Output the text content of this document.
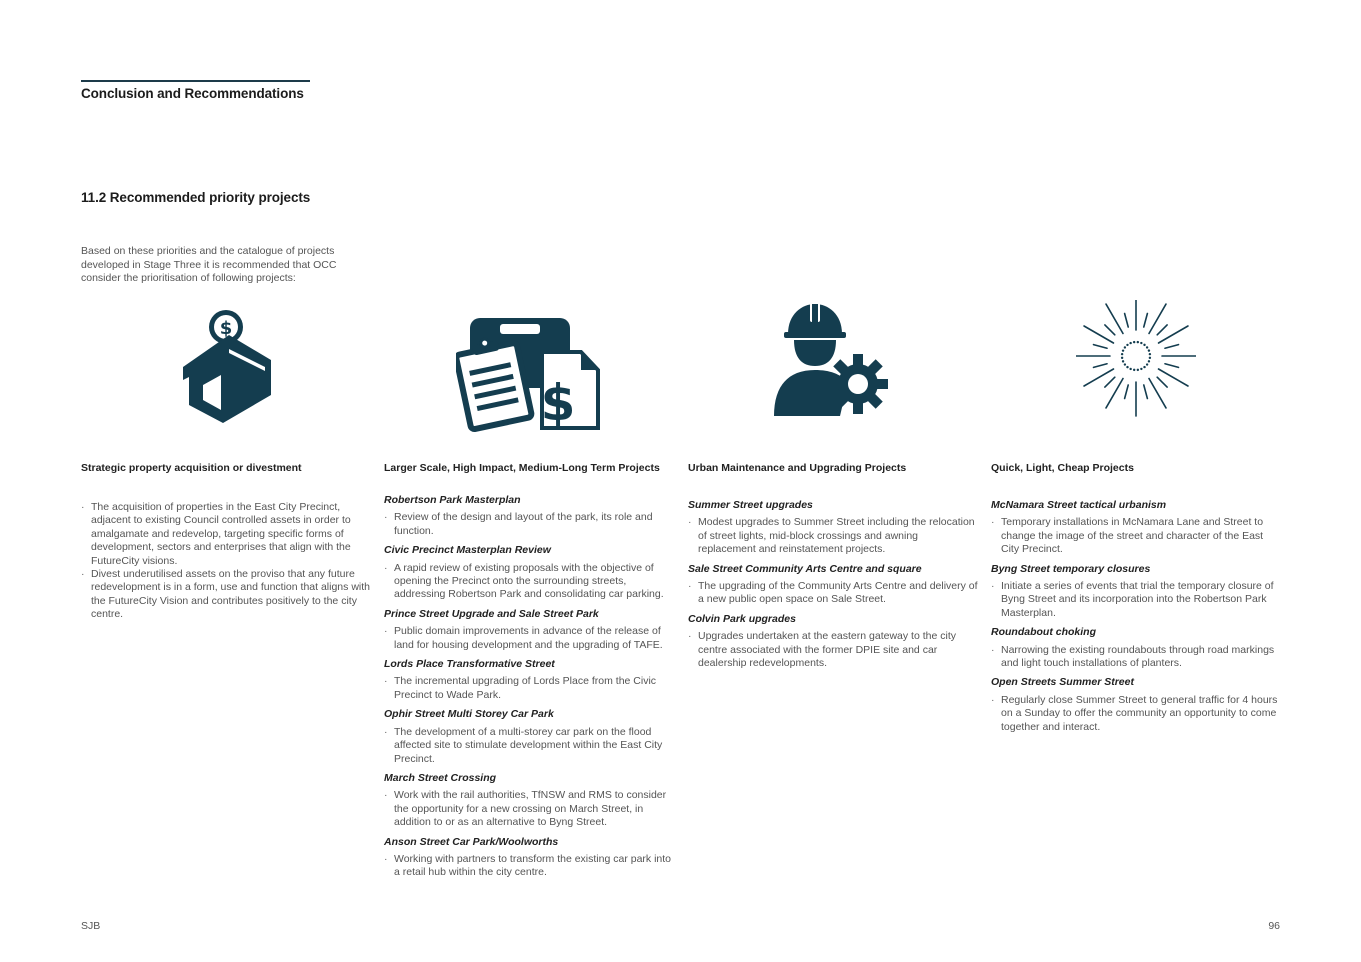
Conclusion and Recommendations
11.2 Recommended priority projects

Based on these priorities and the catalogue of projects developed in Stage Three it is recommended that OCC consider the prioritisation of following projects:

$
Strategic property acquisition or divestment
· The acquisition of properties in the East City Precinct, adjacent to existing Council controlled assets in order to amalgamate and redevelop, targeting specific forms of development, sectors and enterprises that align with the FutureCity visions.
· Divest underutilised assets on the proviso that any future redevelopment is in a form, use and function that aligns with the FutureCity Vision and contributes positively to the city centre.
$
Larger Scale, High Impact, Medium-Long Term Projects
Robertson Park Masterplan
· Review of the design and layout of the park, its role and function.
Civic Precinct Masterplan Review
· A rapid review of existing proposals with the objective of opening the Precinct onto the surrounding streets, addressing Robertson Park and consolidating car parking.
Prince Street Upgrade and Sale Street Park
· Public domain improvements in advance of the release of land for housing development and the upgrading of TAFE.
Lords Place Transformative Street
· The incremental upgrading of Lords Place from the Civic Precinct to Wade Park.
Ophir Street Multi Storey Car Park
· The development of a multi-storey car park on the flood affected site to stimulate development within the East City Precinct.
March Street Crossing
· Work with the rail authorities, TfNSW and RMS to consider the opportunity for a new crossing on March Street, in addition to or as an alternative to Byng Street.
Anson Street Car Park/Woolworths
· Working with partners to transform the existing car park into a retail hub within the city centre.
Urban Maintenance and Upgrading Projects
Summer Street upgrades
· Modest upgrades to Summer Street including the relocation of street lights, mid-block crossings and awning replacement and reinstatement projects.
Sale Street Community Arts Centre and square
· The upgrading of the Community Arts Centre and delivery of a new public open space on Sale Street.
Colvin Park upgrades
· Upgrades undertaken at the eastern gateway to the city centre associated with the former DPIE site and car dealership redevelopments.
Quick, Light, Cheap Projects
McNamara Street tactical urbanism
· Temporary installations in McNamara Lane and Street to change the image of the street and character of the East City Precinct.
Byng Street temporary closures
· Initiate a series of events that trial the temporary closure of Byng Street and its incorporation into the Robertson Park Masterplan.
Roundabout choking
· Narrowing the existing roundabouts through road markings and light touch installations of planters.
Open Streets Summer Street
· Regularly close Summer Street to general traffic for 4 hours on a Sunday to offer the community an opportunity to come together and interact.
SJB	96
